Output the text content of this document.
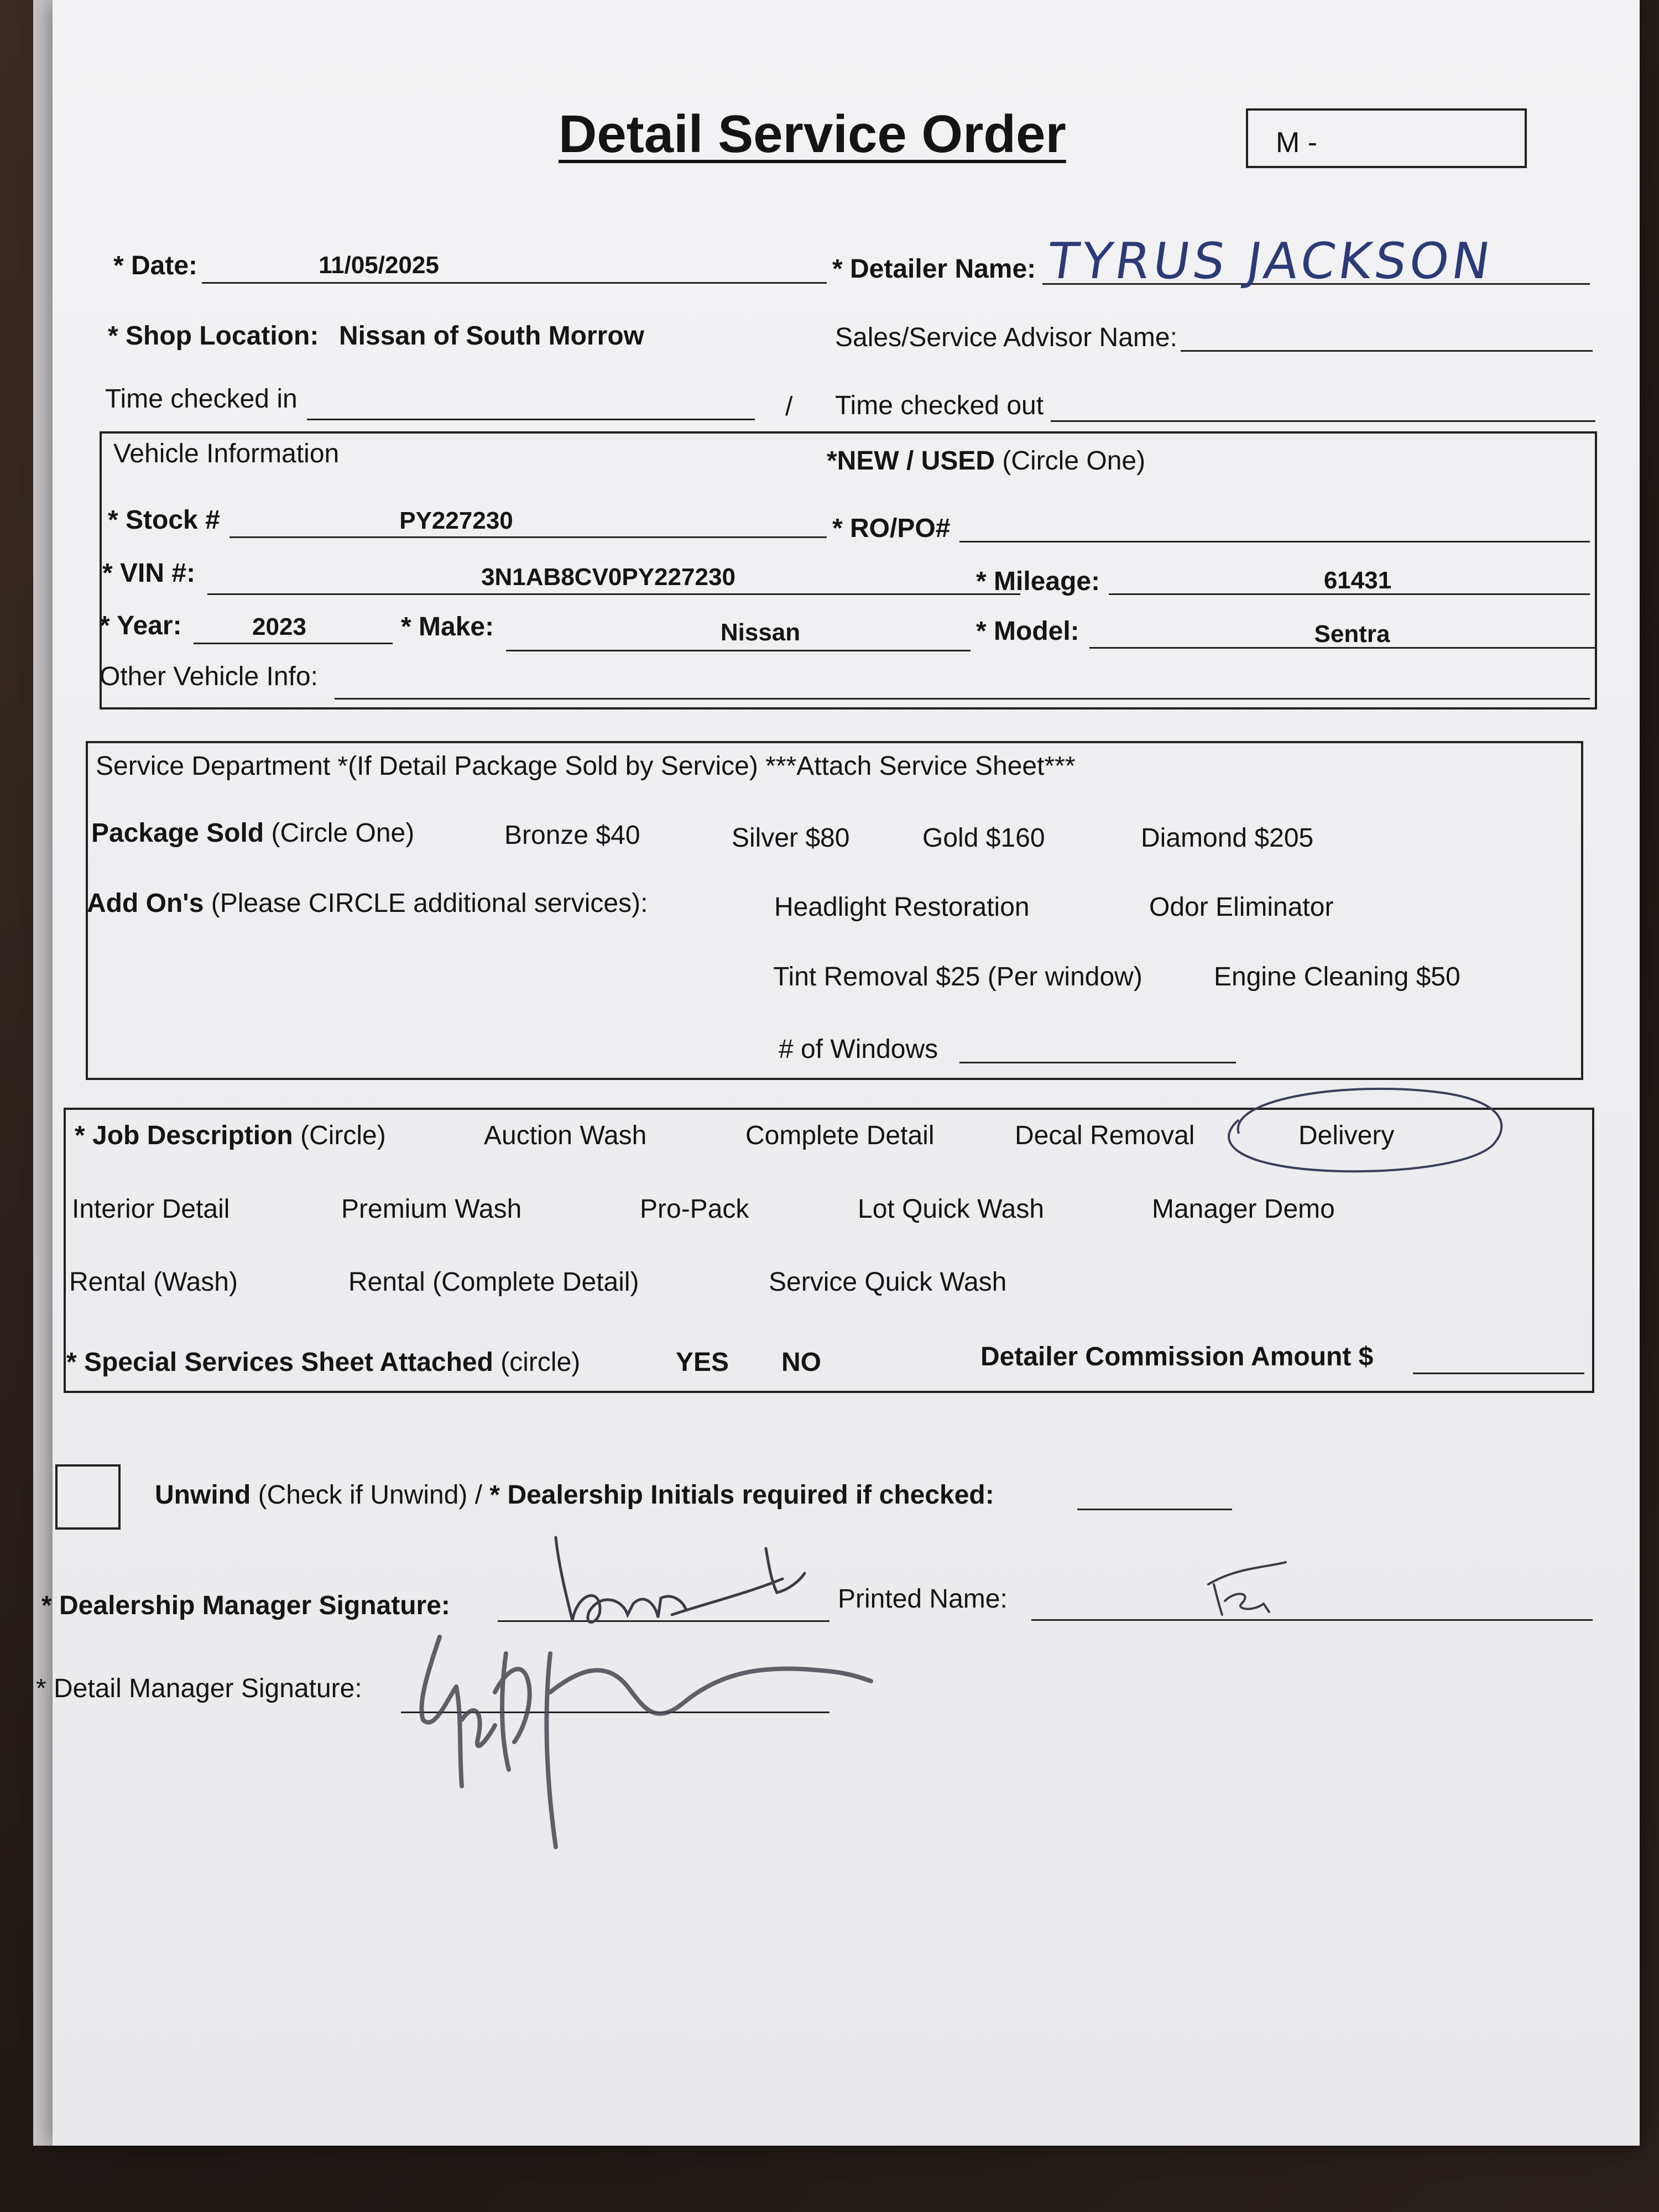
Detail Service Order	M -
* Date:	11/05/2025	* Detailer Name: TYRUS JACKSON
* Shop Location: Nissan of South Morrow	Sales/Service Advisor Name:
Time checked in	/ Time checked out
Vehicle Information	*NEW / USED (Circle One)
* Stock #	PY227230	* RO/PO#
* VIN #:	3N1AB8CV0PY227230	* Mileage:	61431
* Year:	2023	* Make:	Nissan	* Model:	Sentra
Other Vehicle Info:
Service Department *(If Detail Package Sold by Service) ***Attach Service Sheet***
Package Sold (Circle One)	Bronze $40	Silver $80	Gold $160	Diamond $205
Add On's (Please CIRCLE additional services):	Headlight Restoration	Odor Eliminator
Tint Removal $25 (Per window)	Engine Cleaning $50
# of Windows
* Job Description (Circle)	Auction Wash	Complete Detail	Decal Removal	Delivery
Interior Detail	Premium Wash	Pro-Pack	Lot Quick Wash	Manager Demo
Rental (Wash)	Rental (Complete Detail)	Service Quick Wash
* Special Services Sheet Attached (circle)	YES NO	Detailer Commission Amount $
Unwind (Check if Unwind) / * Dealership Initials required if checked:
* Dealership Manager Signature:	Printed Name:
* Detail Manager Signature:
